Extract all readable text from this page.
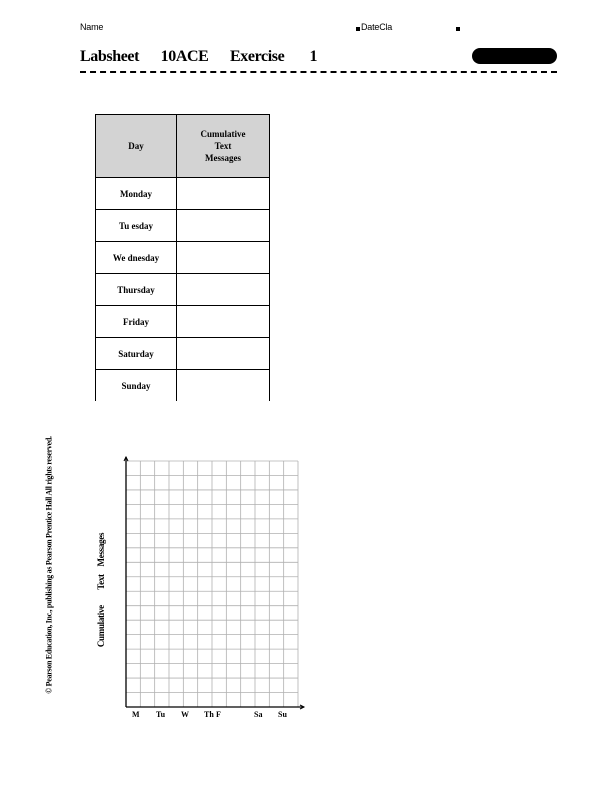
Name	DateCla
Labsheet      10ACE      Exercise       1
Day	Cumulative
Text
Messages

Monday	
Tu esday	
We dnesday	
Thursday	
Friday	
Saturday	
Sunday	
© Pearson Education, Inc., publishing as Pearson Prentice Hall All rights reserved.	Cumulative        Text    Messages
M Tu W Th F	Sa Su
